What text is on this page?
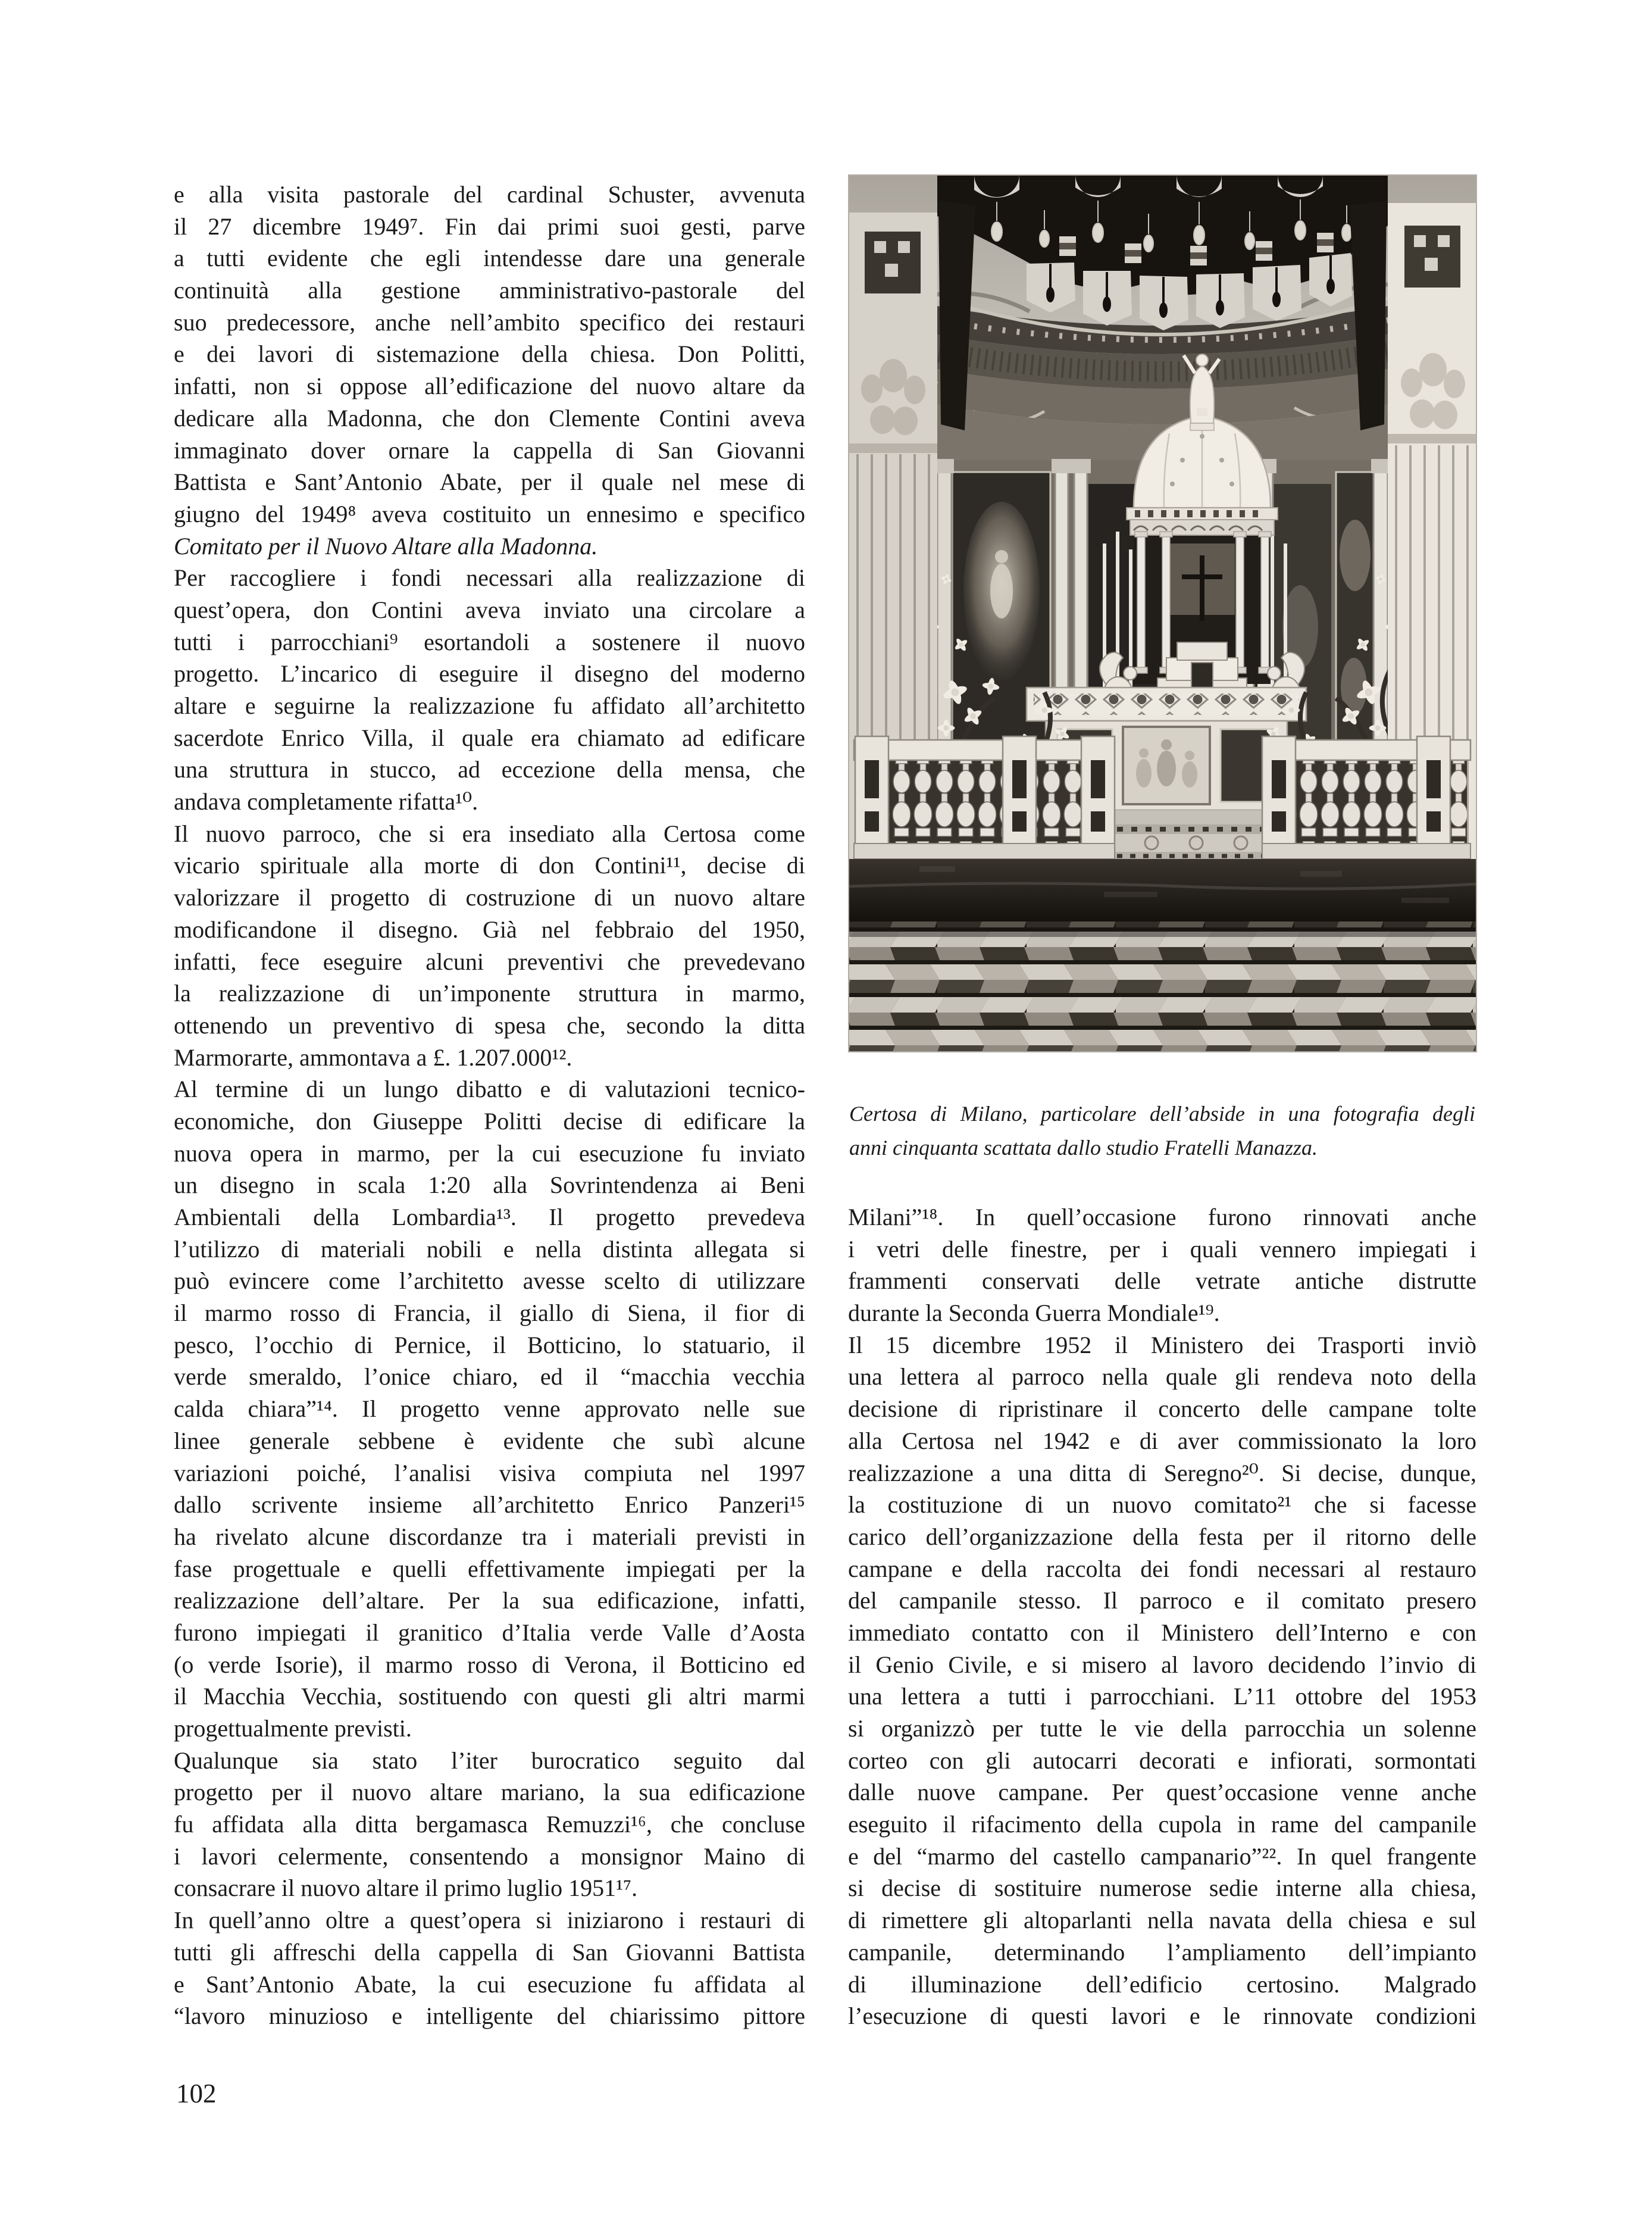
e alla visita pastorale del cardinal Schuster, avvenuta
il 27 dicembre 1949⁷. Fin dai primi suoi gesti, parve
a tutti evidente che egli intendesse dare una generale
continuità alla gestione amministrativo-pastorale del
suo predecessore, anche nell’ambito specifico dei restauri
e dei lavori di sistemazione della chiesa. Don Politti,
infatti, non si oppose all’edificazione del nuovo altare da
dedicare alla Madonna, che don Clemente Contini aveva
immaginato dover ornare la cappella di San Giovanni
Battista e Sant’Antonio Abate, per il quale nel mese di
giugno del 1949⁸ aveva costituito un ennesimo e specifico
Comitato per il Nuovo Altare alla Madonna.
Per raccogliere i fondi necessari alla realizzazione di
quest’opera, don Contini aveva inviato una circolare a
tutti i parrocchiani⁹ esortandoli a sostenere il nuovo
progetto. L’incarico di eseguire il disegno del moderno
altare e seguirne la realizzazione fu affidato all’architetto
sacerdote Enrico Villa, il quale era chiamato ad edificare
una struttura in stucco, ad eccezione della mensa, che
andava completamente rifatta¹⁰.
Il nuovo parroco, che si era insediato alla Certosa come
vicario spirituale alla morte di don Contini¹¹, decise di
valorizzare il progetto di costruzione di un nuovo altare
modificandone il disegno. Già nel febbraio del 1950,
infatti, fece eseguire alcuni preventivi che prevedevano
la realizzazione di un’imponente struttura in marmo,
ottenendo un preventivo di spesa che, secondo la ditta
Marmorarte, ammontava a £. 1.207.000¹².
Al termine di un lungo dibatto e di valutazioni tecnico-
economiche, don Giuseppe Politti decise di edificare la
nuova opera in marmo, per la cui esecuzione fu inviato
un disegno in scala 1:20 alla Sovrintendenza ai Beni
Ambientali della Lombardia¹³. Il progetto prevedeva
l’utilizzo di materiali nobili e nella distinta allegata si
può evincere come l’architetto avesse scelto di utilizzare
il marmo rosso di Francia, il giallo di Siena, il fior di
pesco, l’occhio di Pernice, il Botticino, lo statuario, il
verde smeraldo, l’onice chiaro, ed il “macchia vecchia
calda chiara”¹⁴. Il progetto venne approvato nelle sue
linee generale sebbene è evidente che subì alcune
variazioni poiché, l’analisi visiva compiuta nel 1997
dallo scrivente insieme all’architetto Enrico Panzeri¹⁵
ha rivelato alcune discordanze tra i materiali previsti in
fase progettuale e quelli effettivamente impiegati per la
realizzazione dell’altare. Per la sua edificazione, infatti,
furono impiegati il granitico d’Italia verde Valle d’Aosta
(o verde Isorie), il marmo rosso di Verona, il Botticino ed
il Macchia Vecchia, sostituendo con questi gli altri marmi
progettualmente previsti.
Qualunque sia stato l’iter burocratico seguito dal
progetto per il nuovo altare mariano, la sua edificazione
fu affidata alla ditta bergamasca Remuzzi¹⁶, che concluse
i lavori celermente, consentendo a monsignor Maino di
consacrare il nuovo altare il primo luglio 1951¹⁷.
In quell’anno oltre a quest’opera si iniziarono i restauri di
tutti gli affreschi della cappella di San Giovanni Battista
e Sant’Antonio Abate, la cui esecuzione fu affidata al
“lavoro minuzioso e intelligente del chiarissimo pittore
Certosa di Milano, particolare dell’abside in una fotografia degli
anni cinquanta scattata dallo studio Fratelli Manazza.
Milani”¹⁸. In quell’occasione furono rinnovati anche
i vetri delle finestre, per i quali vennero impiegati i
frammenti conservati delle vetrate antiche distrutte
durante la Seconda Guerra Mondiale¹⁹.
Il 15 dicembre 1952 il Ministero dei Trasporti inviò
una lettera al parroco nella quale gli rendeva noto della
decisione di ripristinare il concerto delle campane tolte
alla Certosa nel 1942 e di aver commissionato la loro
realizzazione a una ditta di Seregno²⁰. Si decise, dunque,
la costituzione di un nuovo comitato²¹ che si facesse
carico dell’organizzazione della festa per il ritorno delle
campane e della raccolta dei fondi necessari al restauro
del campanile stesso. Il parroco e il comitato presero
immediato contatto con il Ministero dell’Interno e con
il Genio Civile, e si misero al lavoro decidendo l’invio di
una lettera a tutti i parrocchiani. L’11 ottobre del 1953
si organizzò per tutte le vie della parrocchia un solenne
corteo con gli autocarri decorati e infiorati, sormontati
dalle nuove campane. Per quest’occasione venne anche
eseguito il rifacimento della cupola in rame del campanile
e del “marmo del castello campanario”²². In quel frangente
si decise di sostituire numerose sedie interne alla chiesa,
di rimettere gli altoparlanti nella navata della chiesa e sul
campanile, determinando l’ampliamento dell’impianto
di illuminazione dell’edificio certosino. Malgrado
l’esecuzione di questi lavori e le rinnovate condizioni
102
